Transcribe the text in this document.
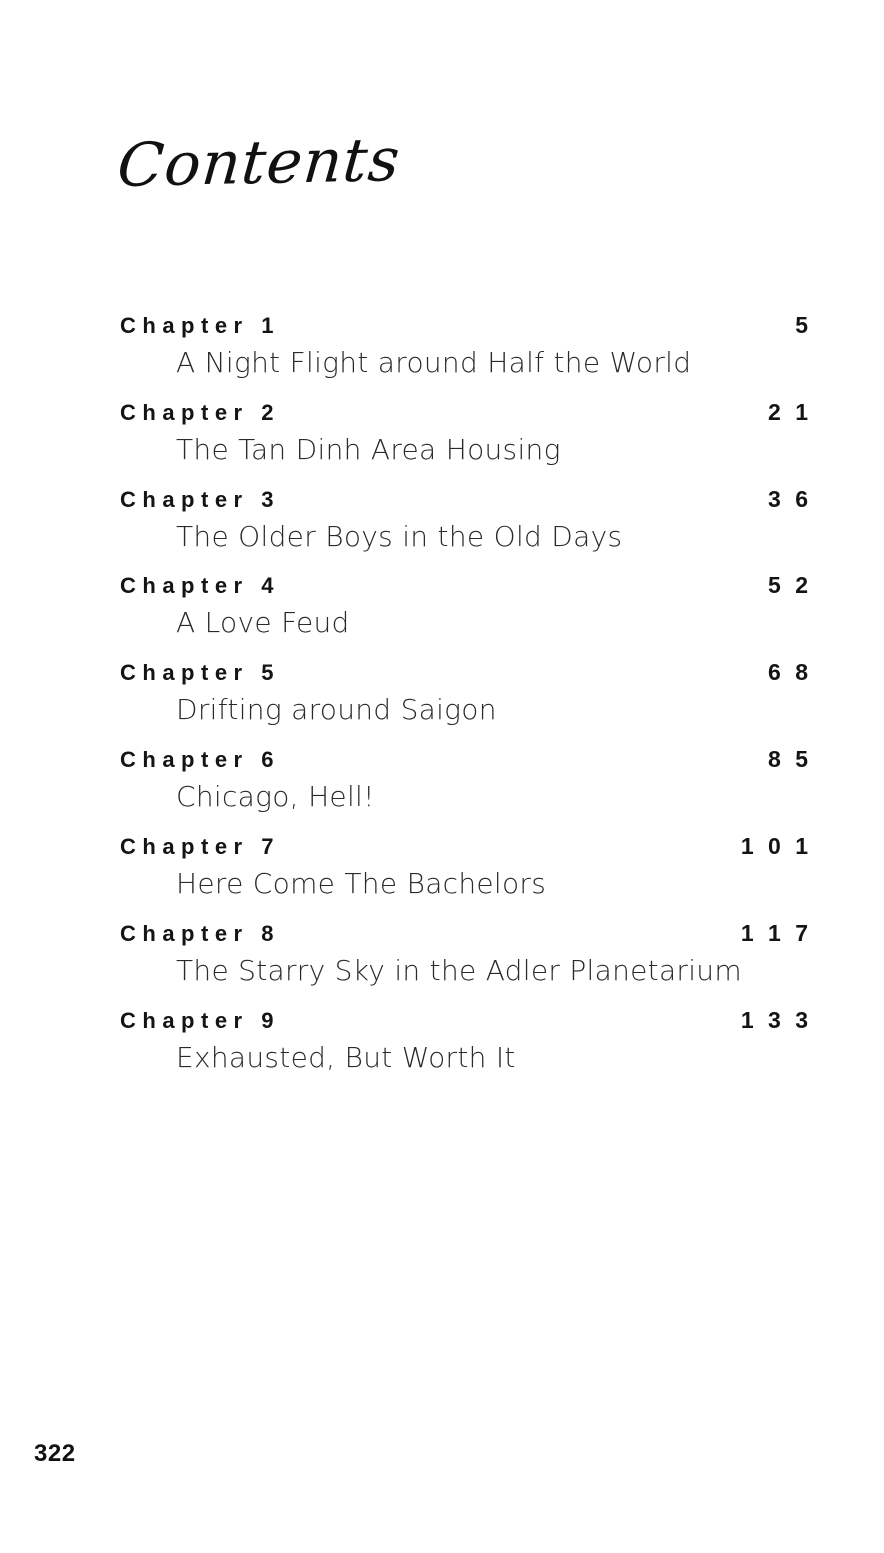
Contents
Chapter 1	5
A Night Flight around Half the World
Chapter 2	2 1
The Tan Dinh Area Housing
Chapter 3	3 6
The Older Boys in the Old Days
Chapter 4	5 2
A Love Feud
Chapter 5	6 8
Drifting around Saigon
Chapter 6	8 5
Chicago, Hell!
Chapter 7	1 0 1
Here Come The Bachelors
Chapter 8	1 1 7
The Starry Sky in the Adler Planetarium
Chapter 9	1 3 3
Exhausted, But Worth It
322
